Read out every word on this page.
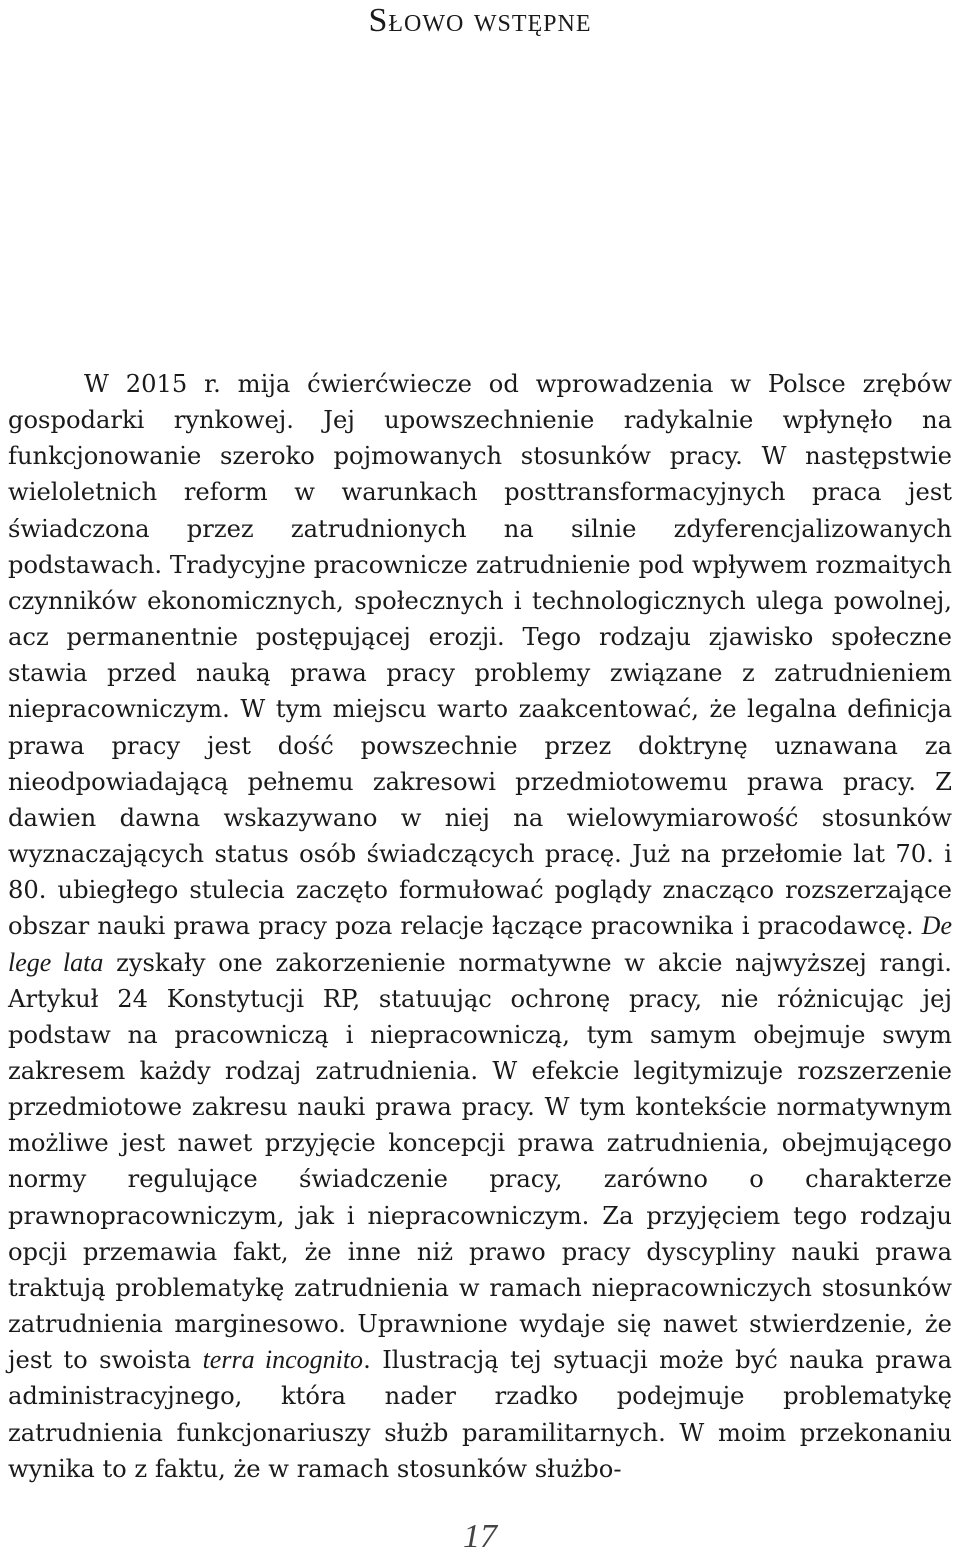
Słowo wstępne

W 2015 r. mija ćwierćwiecze od wprowadzenia w Polsce zrębów gospodarki rynkowej. Jej upowszechnienie radykalnie wpłynęło na funkcjonowanie szeroko pojmowanych stosunków pracy. W następstwie wieloletnich reform w warunkach posttransformacyjnych praca jest świadczona przez zatrudnionych na silnie zdyferencjalizowanych podstawach. Tradycyjne pracownicze zatrudnienie pod wpływem rozmaitych czynników ekonomicznych, społecznych i technologicznych ulega powolnej, acz permanentnie postępującej erozji. Tego rodzaju zjawisko społeczne stawia przed nauką prawa pracy problemy związane z zatrudnieniem niepracowniczym. W tym miejscu warto zaakcentować, że legalna definicja prawa pracy jest dość powszechnie przez doktrynę uznawana za nieodpowiadającą pełnemu zakresowi przedmiotowemu prawa pracy. Z dawien dawna wskazywano w niej na wielowymiarowość stosunków wyznaczających status osób świadczących pracę. Już na przełomie lat 70. i 80. ubiegłego stulecia zaczęto formułować poglądy znacząco rozszerzające obszar nauki prawa pracy poza relacje łączące pracownika i pracodawcę. De lege lata zyskały one zakorzenienie normatywne w akcie najwyższej rangi. Artykuł 24 Konstytucji RP, statuując ochronę pracy, nie różnicując jej podstaw na pracowniczą i niepracowniczą, tym samym obejmuje swym zakresem każdy rodzaj zatrudnienia. W efekcie legitymizuje rozszerzenie przedmiotowe zakresu nauki prawa pracy. W tym kontekście normatywnym możliwe jest nawet przyjęcie koncepcji prawa zatrudnienia, obejmującego normy regulujące świadczenie pracy, zarówno o charakterze prawnopracowniczym, jak i niepracowniczym. Za przyjęciem tego rodzaju opcji przemawia fakt, że inne niż prawo pracy dyscypliny nauki prawa traktują problematykę zatrudnienia w ramach niepracowniczych stosunków zatrudnienia marginesowo. Uprawnione wydaje się nawet stwierdzenie, że jest to swoista terra incognito. Ilustracją tej sytuacji może być nauka prawa administracyjnego, która nader rzadko podejmuje problematykę zatrudnienia funkcjonariuszy służb paramilitarnych. W moim przekonaniu wynika to z faktu, że w ramach stosunków służbo-

17
